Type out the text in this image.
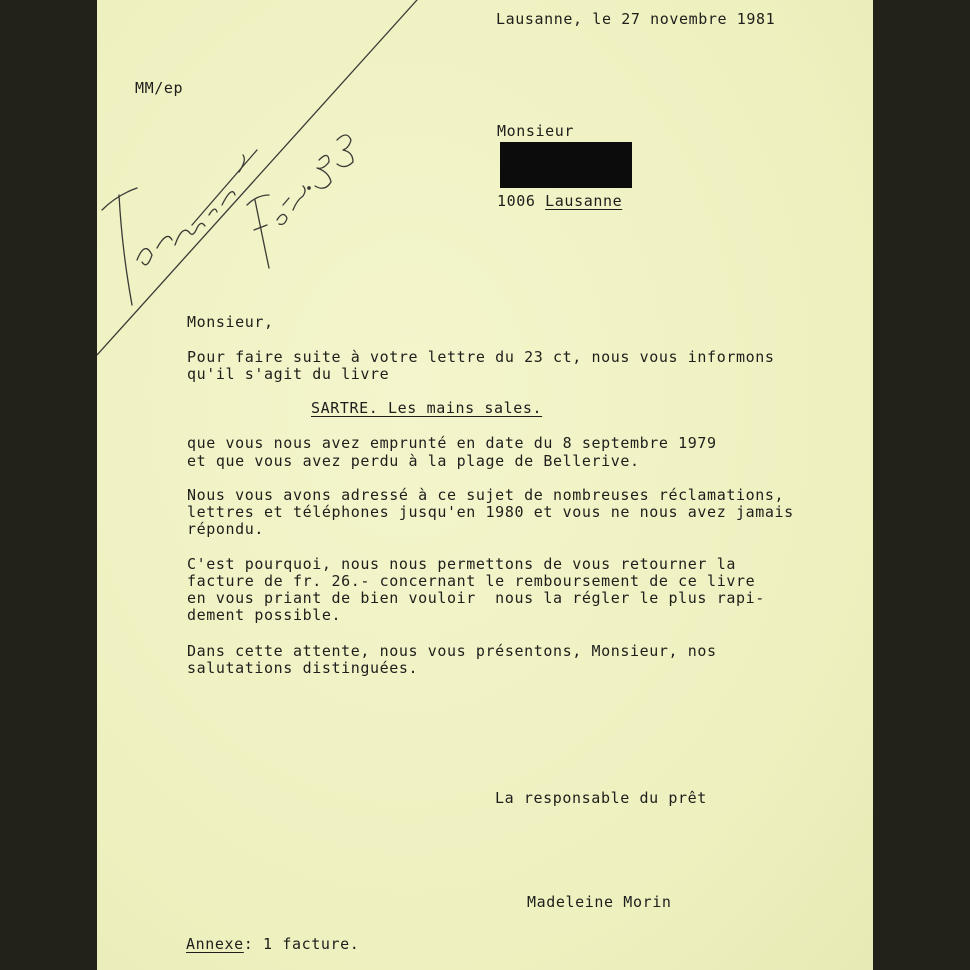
Lausanne, le 27 novembre 1981

MM/ep

Monsieur

1006 Lausanne

Monsieur,

Pour faire suite à votre lettre du 23 ct, nous vous informons

qu'il s'agit du livre

SARTRE. Les mains sales.

que vous nous avez emprunté en date du 8 septembre 1979

et que vous avez perdu à la plage de Bellerive.

Nous vous avons adressé à ce sujet de nombreuses réclamations,

lettres et téléphones jusqu'en 1980 et vous ne nous avez jamais

répondu.

C'est pourquoi, nous nous permettons de vous retourner la

facture de fr. 26.- concernant le remboursement de ce livre

en vous priant de bien vouloir  nous la régler le plus rapi-

dement possible.

Dans cette attente, nous vous présentons, Monsieur, nos

salutations distinguées.

La responsable du prêt

Madeleine Morin

Annexe: 1 facture.
